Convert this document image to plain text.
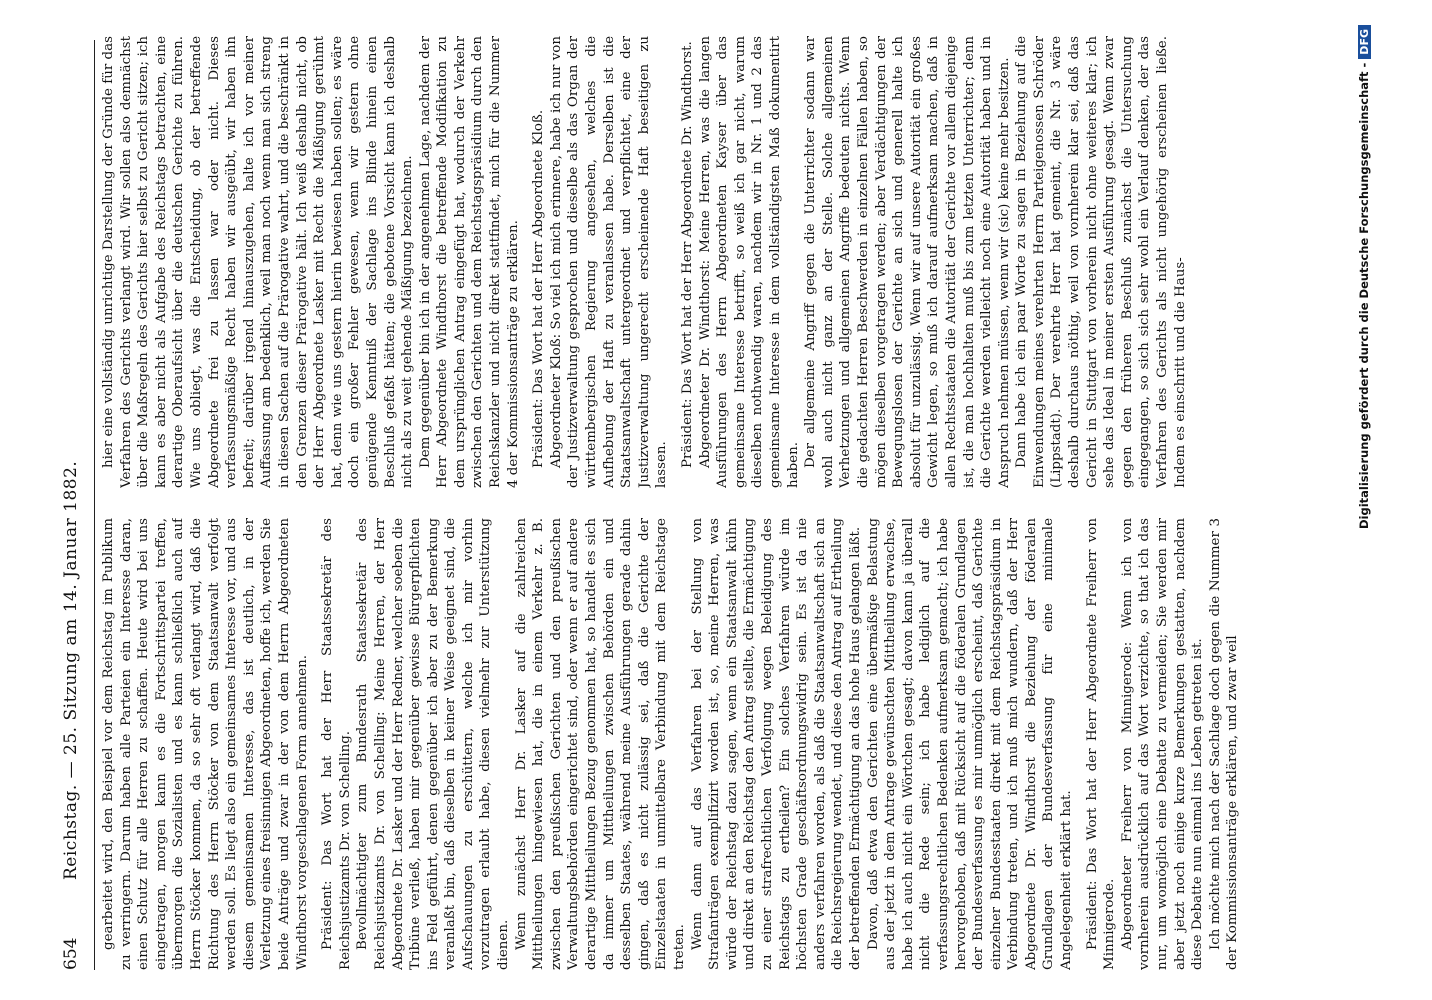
654
Reichstag. — 25. Sitzung am 14. Januar 1882. gearbeitet wird, den Beispiel vor dem Reichstag im Publikum zu verringern. Darum haben alle Parteien ein Interesse daran, einen Schutz für alle Herren zu schaffen. Heute wird bei uns eingetragen, morgen kann es die Fortschrittspartei treffen, übermorgen die Sozialisten und es kann schließlich auch auf Herrn Stöcker kommen, da so sehr oft verlangt wird, daß die Richtung des Herrn Stöcker von dem Staatsanwalt verfolgt werden soll. Es liegt also ein gemeinsames Interesse vor, und aus diesem gemeinsamen Interesse, das ist deutlich, in der Verletzung eines freisinnigen Abgeordneten, hoffe ich, werden Sie beide Anträge und zwar in der von dem Herrn Abgeordneten Windthorst vorgeschlagenen Form annehmen. Präsident: Das Wort hat der Herr Staatssekretär des Reichsjustizamts Dr. von Schelling. Bevollmächtigter zum Bundesrath Staatssekretär des Reichsjustizamts Dr. von Schelling: Meine Herren, der Herr Abgeordnete Dr. Lasker und der Herr Redner, welcher soeben die Tribüne verließ, haben mir gegenüber gewisse Bürgerpflichten ins Feld geführt, denen gegenüber ich aber zu der Bemerkung veranlaßt bin, daß dieselben in keiner Weise geeignet sind, die Aufschauungen zu erschüttern, welche ich mir vorhin vorzutragen erlaubt habe, diesen vielmehr zur Unterstützung dienen. Wenn zunächst Herr Dr. Lasker auf die zahlreichen Mittheilungen hingewiesen hat, die in einem Verkehr z. B. zwischen den preußischen Gerichten und den preußischen Verwaltungsbehörden eingerichtet sind, oder wenn er auf andere derartige Mittheilungen Bezug genommen hat, so handelt es sich da immer um Mittheilungen zwischen Behörden ein und desselben Staates, während meine Ausführungen gerade dahin gingen, daß es nicht zulässig sei, daß die Gerichte der Einzelstaaten in unmittelbare Verbindung mit dem Reichstage treten. Wenn dann auf das Verfahren bei der Stellung von Strafanträgen exemplifizirt worden ist, so, meine Herren, was würde der Reichstag dazu sagen, wenn ein Staatsanwalt kühn und direkt an den Reichstag den Antrag stellte, die Ermächtigung zu einer strafrechtlichen Verfolgung wegen Beleidigung des Reichstags zu ertheilen? Ein solches Verfahren würde im höchsten Grade geschäftsordnungswidrig sein. Es ist da nie anders verfahren worden, als daß die Staatsanwaltschaft sich an die Reichsregierung wendet, und diese den Antrag auf Ertheilung der betreffenden Ermächtigung an das hohe Haus gelangen läßt. Davon, daß etwa den Gerichten eine übermäßige Belastung aus der jetzt in dem Antrage gewünschten Mittheilung erwachse, habe ich auch nicht ein Wörtchen gesagt; davon kann ja überall nicht die Rede sein; ich habe lediglich auf die verfassungsrechtlichen Bedenken aufmerksam gemacht; ich habe hervorgehoben, daß mit Rücksicht auf die föderalen Grundlagen der Bundesverfassung es mir unmöglich erscheint, daß Gerichte einzelner Bundesstaaten direkt mit dem Reichstagspräsidium in Verbindung treten, und ich muß mich wundern, daß der Herr Abgeordnete Dr. Windthorst die Beziehung der föderalen Grundlagen der Bundesverfassung für eine minimale Angelegenheit erklärt hat. Präsident: Das Wort hat der Herr Abgeordnete Freiherr von Minnigerode. Abgeordneter Freiherr von Minnigerode: Wenn ich von vornherein ausdrücklich auf das Wort verzichte, so that ich das nur, um womöglich eine Debatte zu vermeiden; Sie werden mir aber jetzt noch einige kurze Bemerkungen gestatten, nachdem diese Debatte nun einmal ins Leben getreten ist. Ich möchte mich nach der Sachlage doch gegen die Nummer 3 der Kommissionsanträge erklären, und zwar weil

hier eine vollständig unrichtige Darstellung der Gründe für das Verfahren des Gerichts verlangt wird. Wir sollen also demnächst über die Maßregeln des Gerichts hier selbst zu Gericht sitzen; ich kann es aber nicht als Aufgabe des Reichstags betrachten, eine derartige Oberaufsicht über die deutschen Gerichte zu führen. Wie uns obliegt, was die Entscheidung, ob der betreffende Abgeordnete frei zu lassen war oder nicht. Dieses verfassungsmäßige Recht haben wir ausgeübt, wir haben ihn befreit; darüber irgend hinauszugehen, halte ich vor meiner Auffassung am bedenklich, weil man noch wenn man sich streng in diesen Sachen auf die Prärogative wahrt, und die beschränkt in den Grenzen dieser Prärogative hält. Ich weiß deshalb nicht, ob der Herr Abgeordnete Lasker mit Recht die Mäßigung gerühmt hat, denn wie uns gestern hierin bewiesen haben sollen; es wäre doch ein großer Fehler gewesen, wenn wir gestern ohne genügende Kenntniß der Sachlage ins Blinde hinein einen Beschluß gefaßt hätten; die gebotene Vorsicht kann ich deshalb nicht als zu weit gehende Mäßigung bezeichnen. Dem gegenüber bin ich in der angenehmen Lage, nachdem der Herr Abgeordnete Windthorst die betreffende Modifikation zu dem ursprünglichen Antrag eingefügt hat, wodurch der Verkehr zwischen den Gerichten und dem Reichstagspräsidium durch den Reichskanzler und nicht direkt stattfindet, mich für die Nummer 4 der Kommissionsanträge zu erklären. Präsident: Das Wort hat der Herr Abgeordnete Kloß. Abgeordneter Kloß: So viel ich mich erinnere, habe ich nur von der Justizverwaltung gesprochen und dieselbe als das Organ der württembergischen Regierung angesehen, welches die Aufhebung der Haft zu veranlassen habe. Derselben ist die Staatsanwaltschaft untergeordnet und verpflichtet, eine der Justizverwaltung ungerecht erscheinende Haft beseitigen zu lassen. Präsident: Das Wort hat der Herr Abgeordnete Dr. Windthorst. Abgeordneter Dr. Windthorst: Meine Herren, was die langen Ausführungen des Herrn Abgeordneten Kayser über das gemeinsame Interesse betrifft, so weiß ich gar nicht, warum dieselben nothwendig waren, nachdem wir in Nr. 1 und 2 das gemeinsame Interesse in dem vollständigsten Maß dokumentirt haben. Der allgemeine Angriff gegen die Unterrichter sodann war wohl auch nicht ganz an der Stelle. Solche allgemeinen Verhetzungen und allgemeinen Angriffe bedeuten nichts. Wenn die gedachten Herren Beschwerden in einzelnen Fällen haben, so mögen dieselben vorgetragen werden; aber Verdächtigungen der Bewegungslosen der Gerichte an sich und generell halte ich absolut für unzulässig. Wenn wir auf unsere Autorität ein großes Gewicht legen, so muß ich darauf aufmerksam machen, daß in allen Rechtsstaaten die Autorität der Gerichte vor allem diejenige ist, die man hochhalten muß bis zum letzten Unterrichter; denn die Gerichte werden vielleicht noch eine Autorität haben und in Anspruch nehmen müssen, wenn wir (sic) keine mehr besitzen. Dann habe ich ein paar Worte zu sagen in Beziehung auf die Einwendungen meines verehrten Herrn Parteigenossen Schröder (Lippstadt). Der verehrte Herr hat gemeint, die Nr. 3 wäre deshalb durchaus nöthig, weil von vornherein klar sei, daß das Gericht in Stuttgart von vorherein nicht ohne weiteres klar; ich sehe das Ideal in meiner ersten Ausführung gesagt. Wenn zwar gegen den früheren Beschluß zunächst die Untersuchung eingegangen, so sich sich sehr wohl ein Verlauf denken, der das Verfahren des Gerichts als nicht ungehörig erscheinen ließe. Indem es einschritt und die Haus-	Digitalisierung gefördert durch die Deutsche Forschungsgemeinschaft -DFG
